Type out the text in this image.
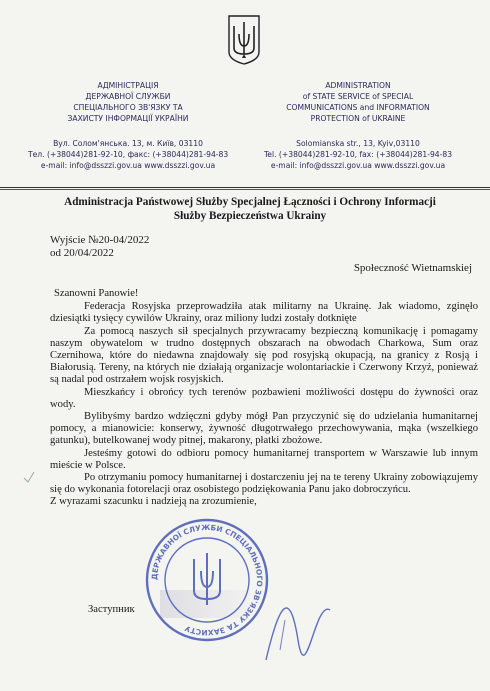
АДМІНІСТРАЦІЯ
ДЕРЖАВНОЇ СЛУЖБИ
СПЕЦІАЛЬНОГО ЗВ'ЯЗКУ ТА
ЗАХИСТУ ІНФОРМАЦІЇ УКРАЇНИ
Вул. Солом'янська. 13, м. Київ, 03110
Тел. (+38044)281-92-10, факс: (+38044)281-94-83
e-mail: info@dsszzi.gov.ua www.dsszzi.gov.ua
ADMINISTRATION
of STATE SERVICE of SPECIAL
COMMUNICATIONS and INFORMATION
PROTECTION of UKRAINE
Solomianska str., 13, Kyiv,03110
Tel. (+38044)281-92-10, fax: (+38044)281-94-83
e-mail: info@dsszzi.gov.ua www.dsszzi.gov.ua
Administracja Państwowej Służby Specjalnej Łączności i Ochrony Informacji
Służby Bezpieczeństwa Ukrainy
Wyjście №20-04/2022
od 20/04/2022
Społeczność Wietnamskiej

Szanowni Panowie!

Federacja Rosyjska przeprowadziła atak militarny na Ukrainę. Jak wiadomo, zginęło dziesiątki tysięcy cywilów Ukrainy, oraz miliony ludzi zostały dotknięte

Za pomocą naszych sił specjalnych przywracamy bezpieczną komunikację i pomagamy naszym obywatelom w trudno dostępnych obszarach na obwodach Charkowa, Sum oraz Czernihowa, które do niedawna znajdowały się pod rosyjską okupacją, na granicy z Rosją i Białorusią. Tereny, na których nie działają organizacje wolontariackie i Czerwony Krzyż, ponieważ są nadal pod ostrzałem wojsk rosyjskich.

Mieszkańcy i obrońcy tych terenów pozbawieni możliwości dostępu do żywności oraz wody.

Bylibyśmy bardzo wdzięczni gdyby mógł Pan przyczynić się do udzielania humanitarnej pomocy, a mianowicie: konserwy, żywność długotrwałego przechowywania, mąka (wszelkiego gatunku), butelkowanej wody pitnej, makarony, płatki zbożowe.

Jesteśmy gotowi do odbioru pomocy humanitarnej transportem w Warszawie lub innym mieście w Polsce.

Po otrzymaniu pomocy humanitarnej i dostarczeniu jej na te tereny Ukrainy zobowiązujemy się do wykonania fotorelacji oraz osobistego podziękowania Panu jako dobroczyńcu.

Z wyrazami szacunku i nadzieją na zrozumienie,

Заступник
ДЕРЖАВНОЇ СЛУЖБИ СПЕЦІАЛЬНОГО ЗВ'ЯЗКУ ТА ЗАХИСТУ
